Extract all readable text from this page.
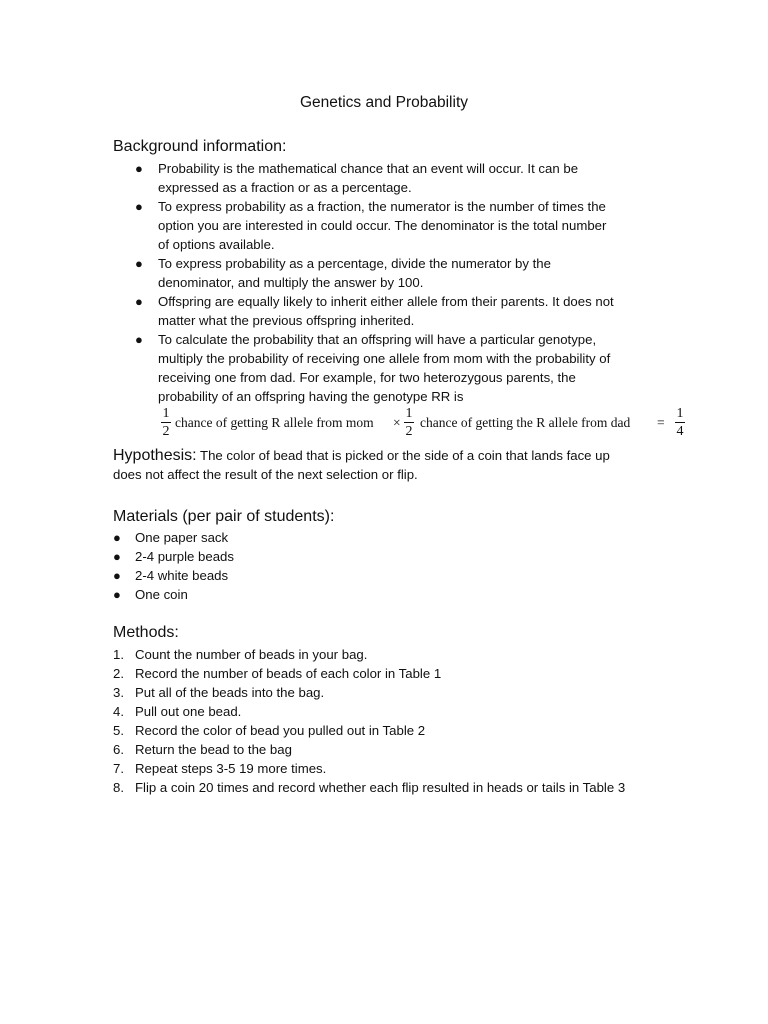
Genetics and Probability
Background information:
● Probability is the mathematical chance that an event will occur. It can be
expressed as a fraction or as a percentage.
● To express probability as a fraction, the numerator is the number of times the
option you are interested in could occur. The denominator is the total number
of options available.
● To express probability as a percentage, divide the numerator by the
denominator, and multiply the answer by 100.
● Offspring are equally likely to inherit either allele from their parents. It does not
matter what the previous offspring inherited.
● To calculate the probability that an offspring will have a particular genotype,
multiply the probability of receiving one allele from mom with the probability of
receiving one from dad. For example, for two heterozygous parents, the
probability of an offspring having the genotype RR is
1
2
chance of getting R allele from mom ×
1
2
chance of getting the R allele from dad =
1
4
Hypothesis: The color of bead that is picked or the side of a coin that lands face up
does not affect the result of the next selection or flip.
Materials (per pair of students):
● One paper sack
● 2-4 purple beads
● 2-4 white beads
● One coin
Methods:
1. Count the number of beads in your bag.
2. Record the number of beads of each color in Table 1
3. Put all of the beads into the bag.
4. Pull out one bead.
5. Record the color of bead you pulled out in Table 2
6. Return the bead to the bag
7. Repeat steps 3-5 19 more times.
8. Flip a coin 20 times and record whether each flip resulted in heads or tails in Table 3
